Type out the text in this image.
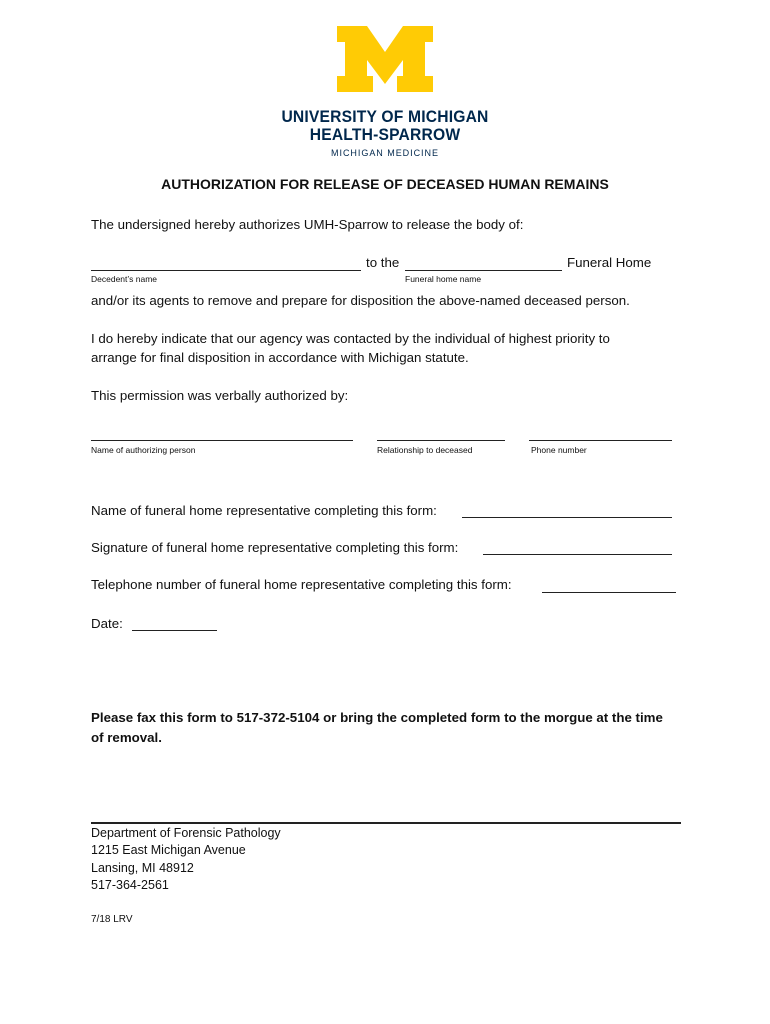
UNIVERSITY OF MICHIGAN
HEALTH-SPARROW
MICHIGAN MEDICINE
AUTHORIZATION FOR RELEASE OF DECEASED HUMAN REMAINS
The undersigned hereby authorizes UMH-Sparrow to release the body of:
to the	Funeral Home
Decedent’s name	Funeral home name
and/or its agents to remove and prepare for disposition the above-named deceased person.
I do hereby indicate that our agency was contacted by the individual of highest priority to
arrange for final disposition in accordance with Michigan statute.
This permission was verbally authorized by:
Name of authorizing person	Relationship to deceased	Phone number
Name of funeral home representative completing this form:
Signature of funeral home representative completing this form:
Telephone number of funeral home representative completing this form:
Date:
Please fax this form to 517-372-5104 or bring the completed form to the morgue at the time
of removal.
Department of Forensic Pathology
1215 East Michigan Avenue
Lansing, MI 48912
517-364-2561
7/18 LRV
